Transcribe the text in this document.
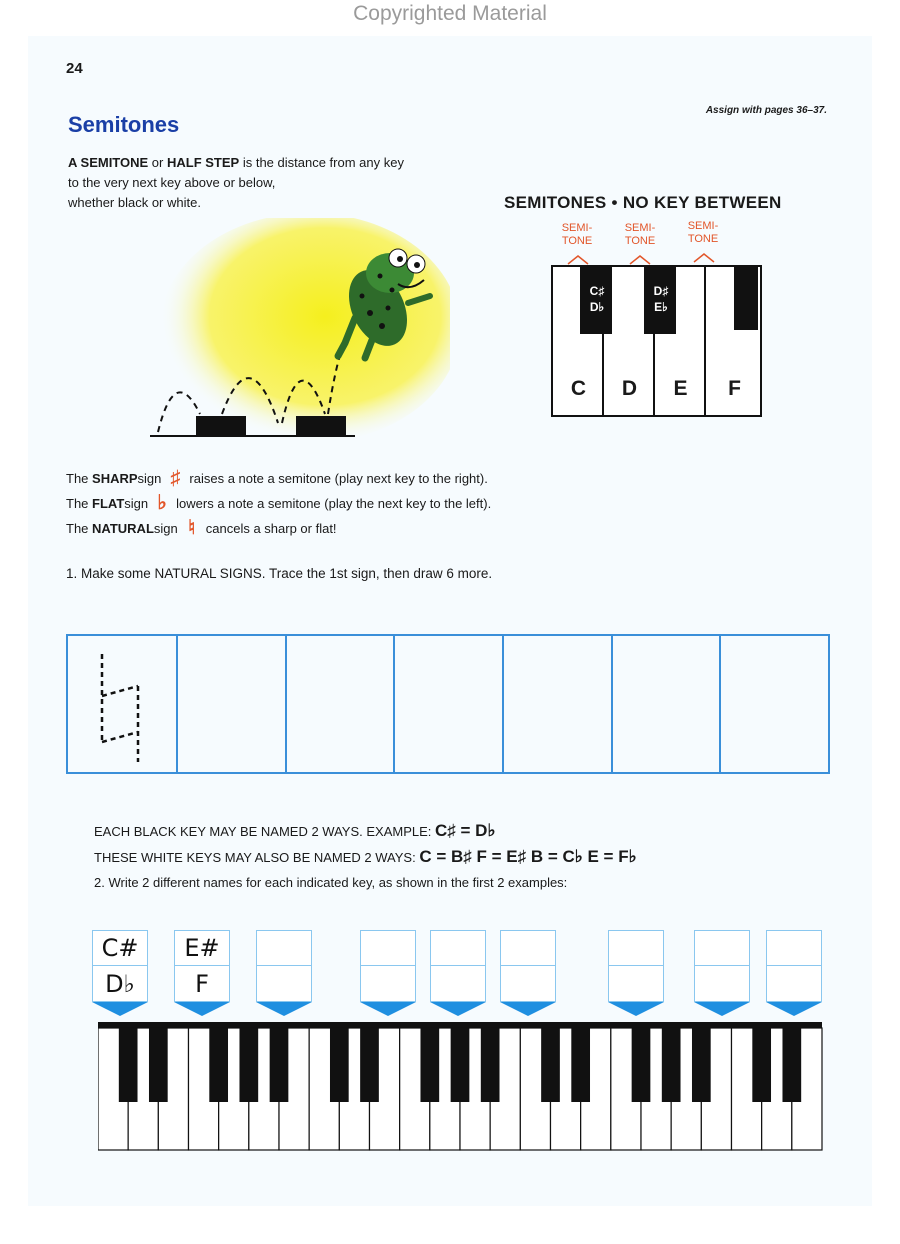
Copyrighted Material
24
Assign with pages 36–37.
Semitones
A SEMITONE or HALF STEP is the distance from any key
to the very next key above or below,
whether black or white.	SEMITONES • NO KEY BETWEEN
SEMI-
TONE
SEMI-
TONE
SEMI-
TONE
C♯
D♭
D♯
E♭
C	D	E	F
The
SHARP sign ♯ raises a note a semitone (play next key to the right).
The
FLAT sign ♭ lowers a note a semitone (play the next key to the left).
The
NATURAL sign ♮ cancels a sharp or flat!
1. Make some NATURAL SIGNS. Trace the 1st sign, then draw 6 more.
EACH BLACK KEY MAY BE NAMED 2 WAYS. EXAMPLE: C♯ = D♭
THESE WHITE KEYS MAY ALSO BE NAMED 2 WAYS: C = B♯ F = E♯ B = C♭ E = F♭
2. Write 2 different names for each indicated key, as shown in the first 2 examples:
C#
D♭
E#
F
